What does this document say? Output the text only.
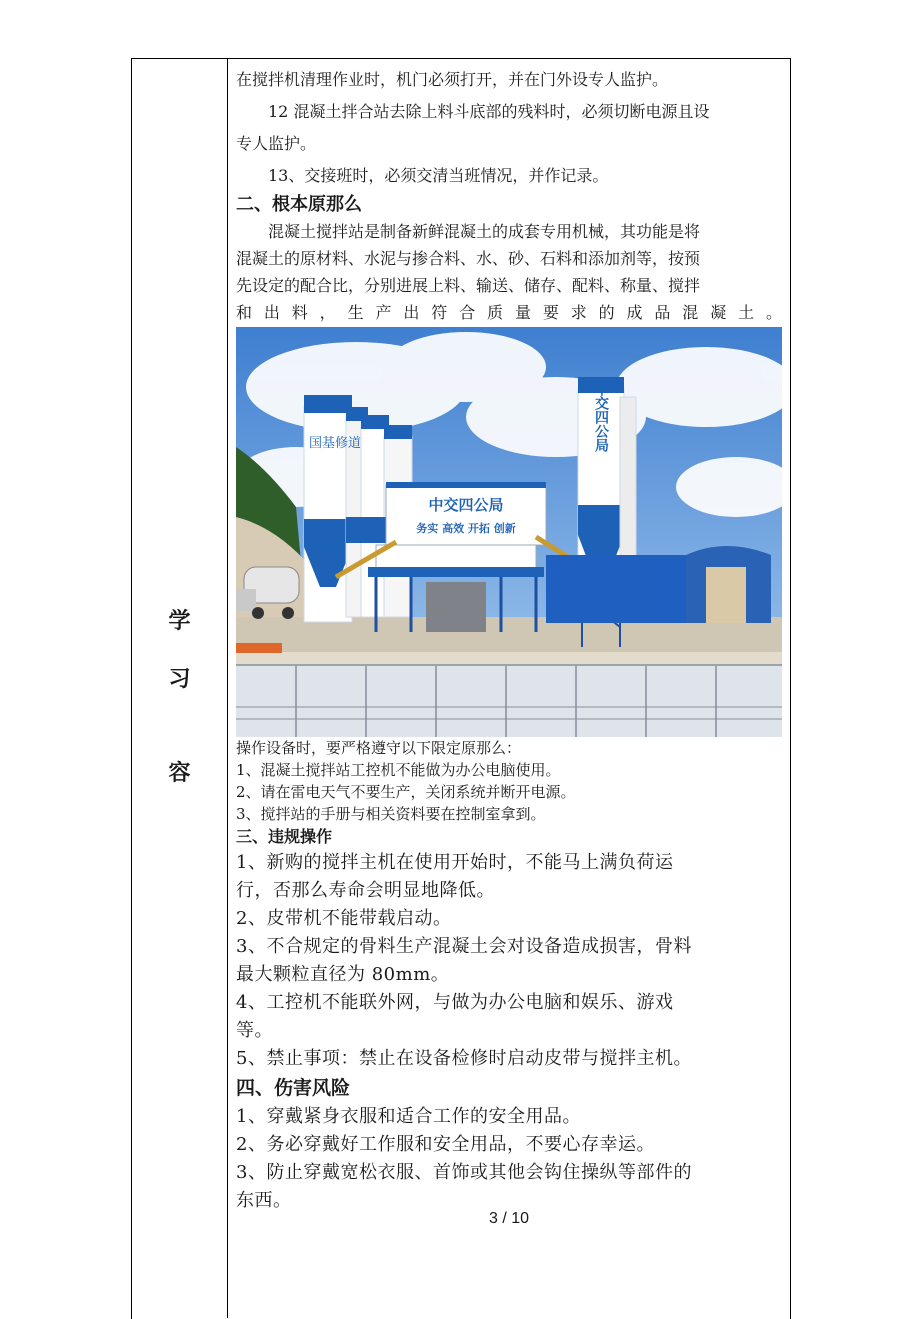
学
习
容

在搅拌机清理作业时，机门必须打开，并在门外设专人监护。

12 混凝土拌合站去除上料斗底部的残料时，必须切断电源且设

专人监护。

13、交接班时，必须交清当班情况，并作记录。

二、根本原那么

混凝土搅拌站是制备新鲜混凝土的成套专用机械，其功能是将

混凝土的原材料、水泥与掺合料、水、砂、石料和添加剂等，按预

先设定的配合比，分别进展上料、输送、储存、配料、称量、搅拌

和出料，生产出符合质量要求的成品混凝土。

国基修道
中交四公局
务实 高效 开拓 创新
中交四公局

操作设备时，要严格遵守以下限定原那么：

1、混凝土搅拌站工控机不能做为办公电脑使用。

2、请在雷电天气不要生产，关闭系统并断开电源。

3、搅拌站的手册与相关资料要在控制室拿到。

三、违规操作

1、新购的搅拌主机在使用开始时，不能马上满负荷运

行，否那么寿命会明显地降低。

2、皮带机不能带载启动。

3、不合规定的骨料生产混凝土会对设备造成损害，骨料

最大颗粒直径为 80mm。

4、工控机不能联外网，与做为办公电脑和娱乐、游戏

等。

5、禁止事项：禁止在设备检修时启动皮带与搅拌主机。

四、伤害风险

1、穿戴紧身衣服和适合工作的安全用品。

2、务必穿戴好工作服和安全用品，不要心存幸运。

3、防止穿戴宽松衣服、首饰或其他会钩住操纵等部件的

东西。

3 / 10
